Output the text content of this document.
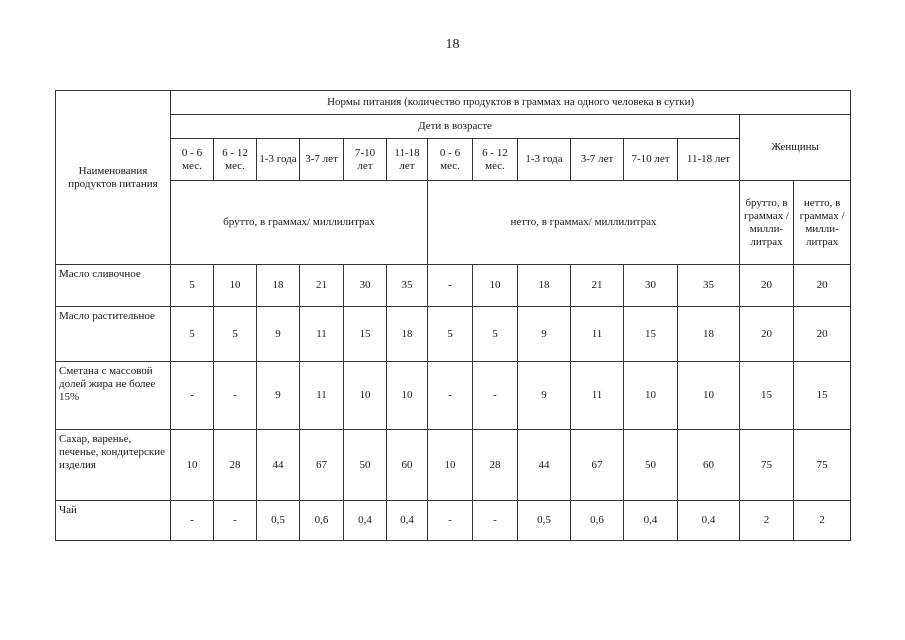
18
Наименования продуктов питания	Нормы питания (количество продуктов в граммах на одного человека в сутки)													
	Дети в возрасте												Женщины	
	0 - 6 мес.	6 - 12 мес.	1-3 года	3-7 лет	7-10 лет	11-18 лет	0 - 6 мес.	6 - 12 мес.	1-3 года	3-7 лет	7-10 лет	11-18 лет		
	брутто, в граммах/ миллилитрах						нетто, в граммах/ миллилитрах						брутто, в граммах / милли-литрах	нетто, в граммах / милли-литрах
Масло сливочное	5	10	18	21	30	35	-	10	18	21	30	35	20	20
Масло растительное	5	5	9	11	15	18	5	5	9	11	15	18	20	20
Сметана с массовой долей жира не более 15%	-	-	9	11	10	10	-	-	9	11	10	10	15	15
Сахар, варенье, печенье, кондитерские изделия	10	28	44	67	50	60	10	28	44	67	50	60	75	75
Чай	-	-	0,5	0,6	0,4	0,4	-	-	0,5	0,6	0,4	0,4	2	2
